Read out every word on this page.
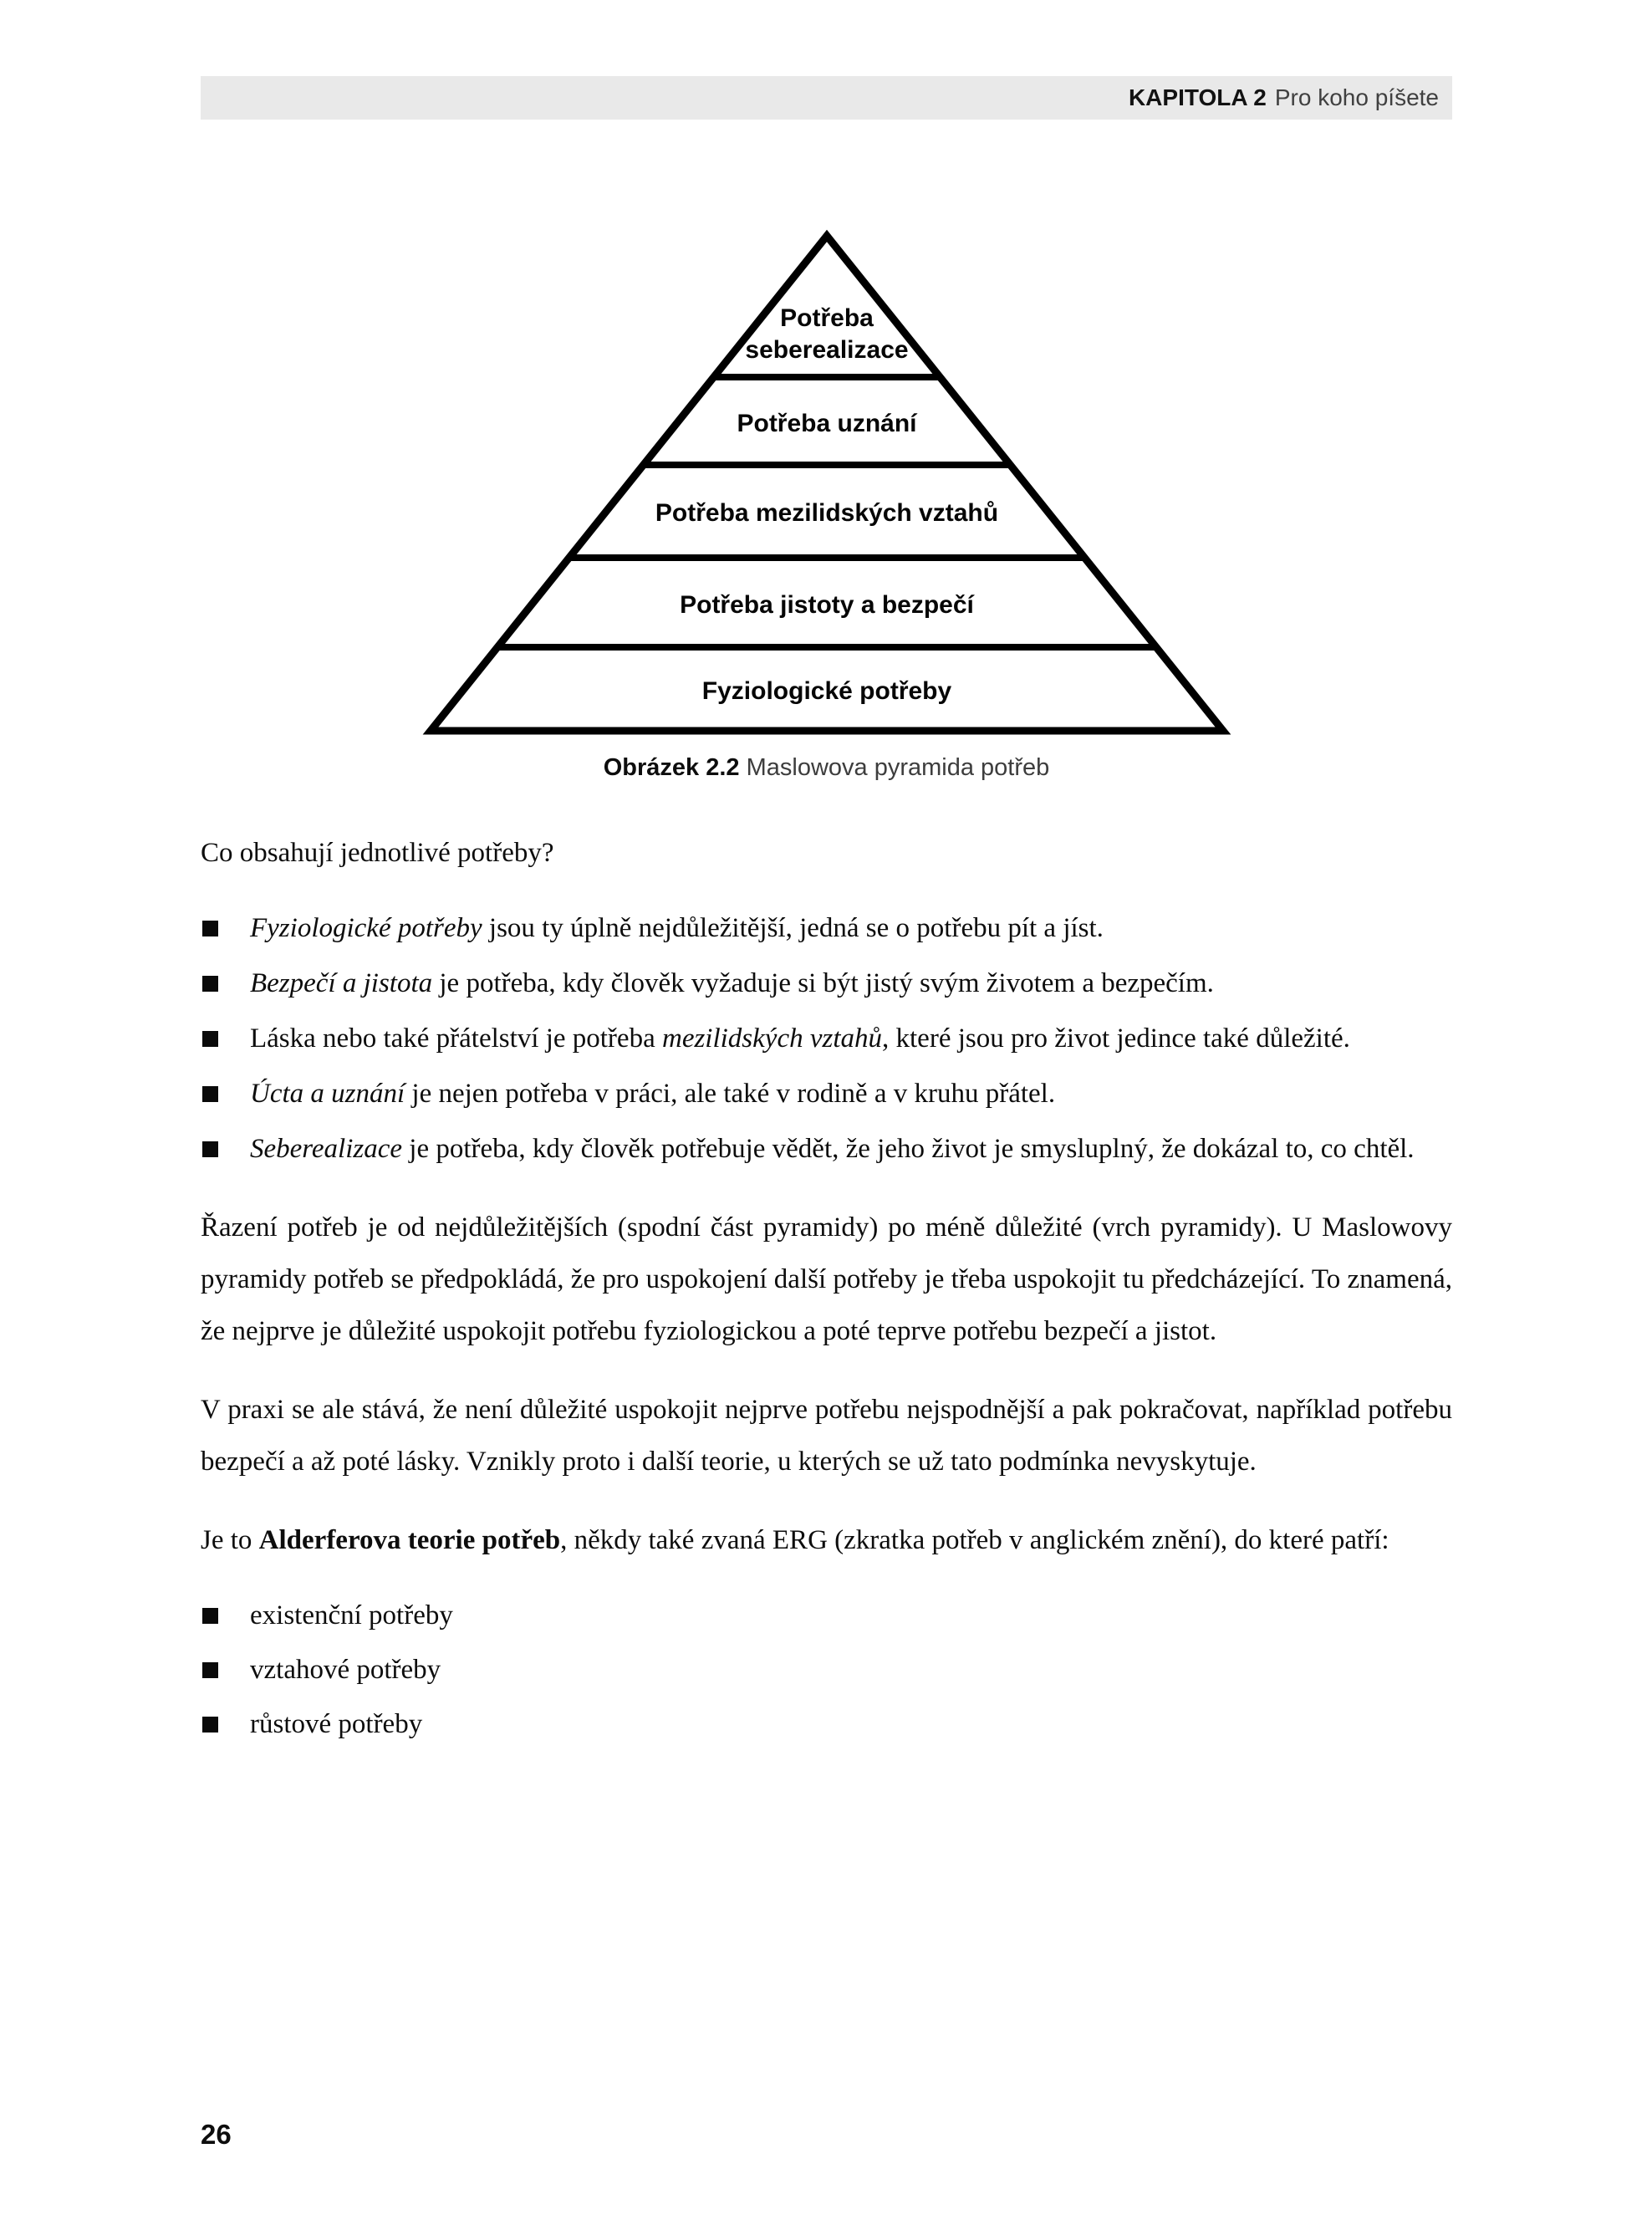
KAPITOLA 2 Pro koho píšete
Potřeba
seberealizace
Potřeba uznání
Potřeba mezilidských vztahů
Potřeba jistoty a bezpečí
Fyziologické potřeby
Obrázek 2.2 Maslowova pyramida potřeb

Co obsahují jednotlivé potřeby?

Fyziologické potřeby jsou ty úplně nejdůležitější, jedná se o potřebu pít a jíst.
Bezpečí a jistota je potřeba, kdy člověk vyžaduje si být jistý svým životem a bezpečím.
Láska nebo také přátelství je potřeba mezilidských vztahů, které jsou pro život jedince také důležité.
Úcta a uznání je nejen potřeba v práci, ale také v rodině a v kruhu přátel.
Seberealizace je potřeba, kdy člověk potřebuje vědět, že jeho život je smysluplný, že dokázal to, co chtěl.

Řazení potřeb je od nejdůležitějších (spodní část pyramidy) po méně důležité (vrch pyramidy). U Maslowovy pyramidy potřeb se předpokládá, že pro uspokojení další potřeby je třeba uspokojit tu předcházející. To znamená, že nejprve je důležité uspokojit potřebu fyziologickou a poté teprve potřebu bezpečí a jistot.

V praxi se ale stává, že není důležité uspokojit nejprve potřebu nejspodnější a pak pokračovat, například potřebu bezpečí a až poté lásky. Vznikly proto i další teorie, u kterých se už tato podmínka nevyskytuje.

Je to Alderferova teorie potřeb, někdy také zvaná ERG (zkratka potřeb v anglickém znění), do které patří:

existenční potřeby
vztahové potřeby
růstové potřeby
26
